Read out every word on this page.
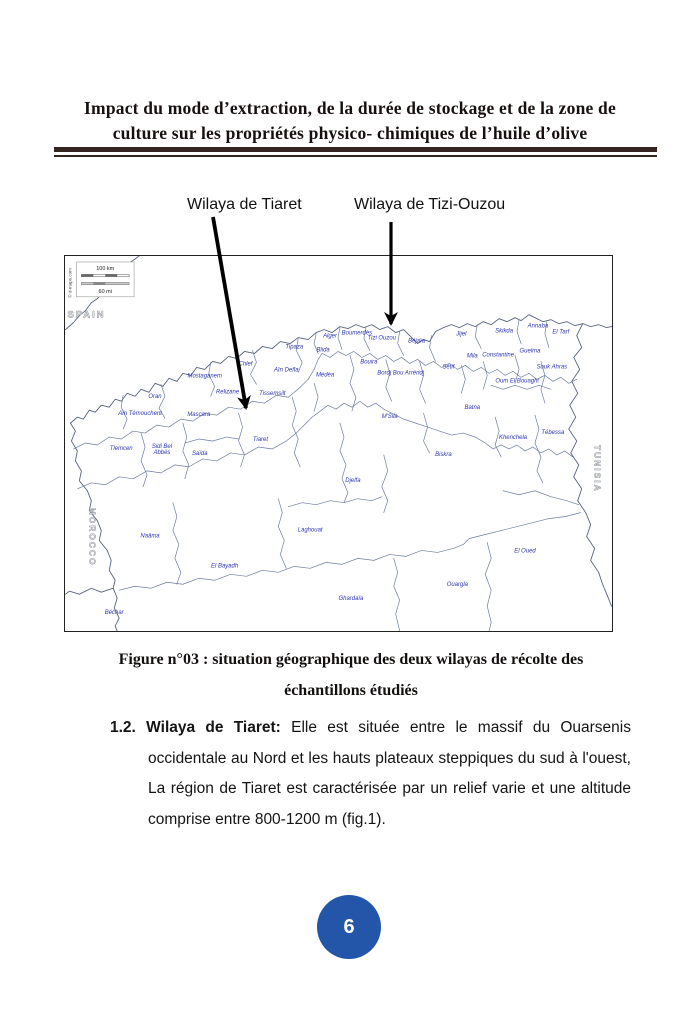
Impact du mode d’extraction, de la durée de stockage et de la zone de
culture sur les propriétés physico- chimiques de l’huile d’olive
Wilaya de Tiaret	Wilaya de Tizi-Ouzou
100 km
60 mi
© d-maps.com
SPAIN
MOROCCO
TUNISIA
Oran
Aïn Témouchent
Mostaganem
Relizane
Mascara
Chlef
Tissemsilt
Aïn Defla
Tipaza
Alger Boumerdès
Tizi Ouzou Béjaïa
Jijel	Skikda
Annaba
El Tarf
Blida
Médéa
Bouira
Bordj Bou Arréridj
Sétif
Mila Constantine
Guelma
Souk Ahras
Oum El Bouaghi
M'Sila
Batna
Khenchela
Tébessa
Biskra
Tlemcen	Sidi Bel Abbès	Saïda
Tiaret
Naâma
El Bayadh
Laghouat
Djelfa
Béchar
Ghardaïa
Ouargla
El Oued
Figure n°03 : situation géographique des deux wilayas de récolte des
échantillons étudiés
1.2. Wilaya de Tiaret: Elle est située entre le massif du Ouarsenis
occidentale au Nord et les hauts plateaux steppiques du sud à l'ouest,
La région de Tiaret est caractérisée par un relief varie et une altitude
comprise entre 800-1200 m (fig.1).
6
